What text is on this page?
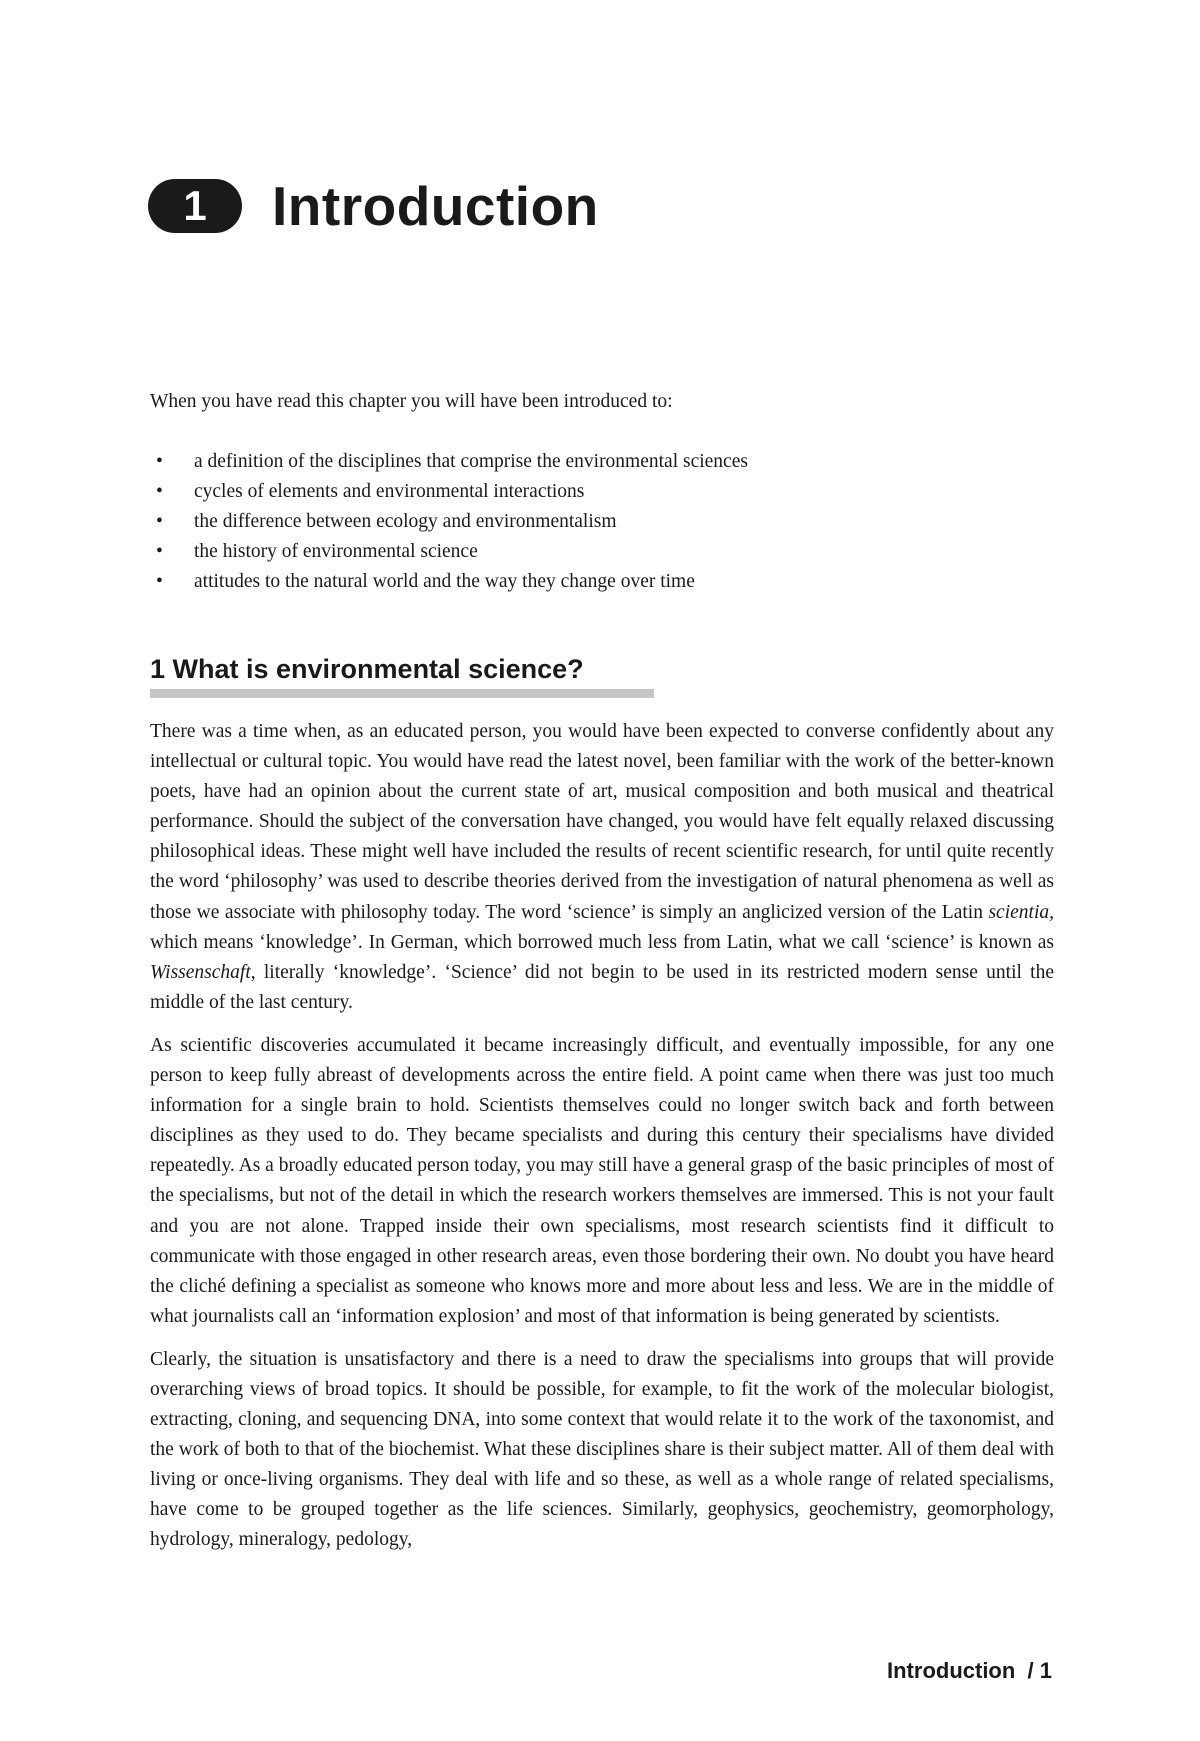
1 Introduction

When you have read this chapter you will have been introduced to:

• a definition of the disciplines that comprise the environmental sciences
• cycles of elements and environmental interactions
• the difference between ecology and environmentalism
• the history of environmental science
• attitudes to the natural world and the way they change over time
1 What is environmental science?

There was a time when, as an educated person, you would have been expected to converse confidently about any intellectual or cultural topic. You would have read the latest novel, been familiar with the work of the better-known poets, have had an opinion about the current state of art, musical composition and both musical and theatrical performance. Should the subject of the conversation have changed, you would have felt equally relaxed discussing philosophical ideas. These might well have included the results of recent scientific research, for until quite recently the word ‘philosophy’ was used to describe theories derived from the investigation of natural phenomena as well as those we associate with philosophy today. The word ‘science’ is simply an anglicized version of the Latin scientia, which means ‘knowledge’. In German, which borrowed much less from Latin, what we call ‘science’ is known as Wissenschaft, literally ‘knowledge’. ‘Science’ did not begin to be used in its restricted modern sense until the middle of the last century.

As scientific discoveries accumulated it became increasingly difficult, and eventually impossible, for any one person to keep fully abreast of developments across the entire field. A point came when there was just too much information for a single brain to hold. Scientists themselves could no longer switch back and forth between disciplines as they used to do. They became specialists and during this century their specialisms have divided repeatedly. As a broadly educated person today, you may still have a general grasp of the basic principles of most of the specialisms, but not of the detail in which the research workers themselves are immersed. This is not your fault and you are not alone. Trapped inside their own specialisms, most research scientists find it difficult to communicate with those engaged in other research areas, even those bordering their own. No doubt you have heard the cliché defining a specialist as someone who knows more and more about less and less. We are in the middle of what journalists call an ‘information explosion’ and most of that information is being generated by scientists.

Clearly, the situation is unsatisfactory and there is a need to draw the specialisms into groups that will provide overarching views of broad topics. It should be possible, for example, to fit the work of the molecular biologist, extracting, cloning, and sequencing DNA, into some context that would relate it to the work of the taxonomist, and the work of both to that of the biochemist. What these disciplines share is their subject matter. All of them deal with living or once-living organisms. They deal with life and so these, as well as a whole range of related specialisms, have come to be grouped together as the life sciences. Similarly, geophysics, geochemistry, geomorphology, hydrology, mineralogy, pedology,

Introduction  / 1
